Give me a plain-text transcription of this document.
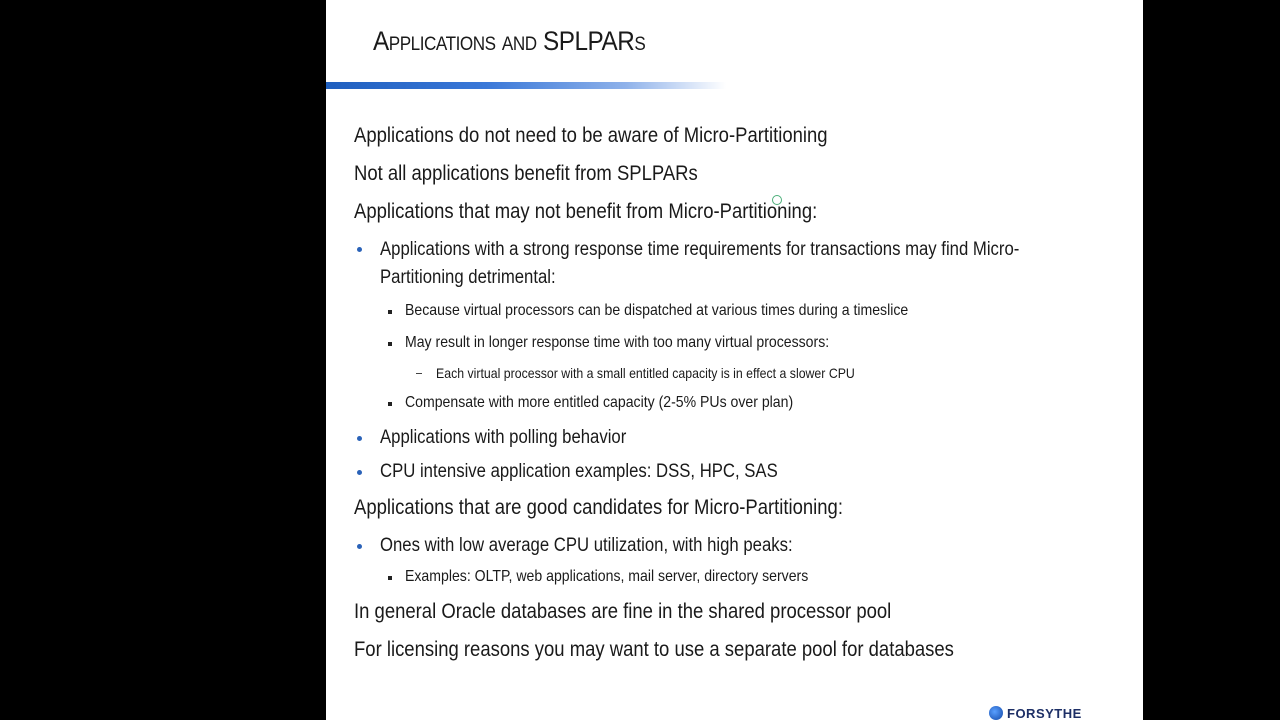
Applications and SPLPARs
Applications do not need to be aware of Micro-Partitioning
Not all applications benefit from SPLPARs
Applications that may not benefit from Micro-Partitioning:
Applications with a strong response time requirements for transactions may find Micro-
Partitioning detrimental:
Because virtual processors can be dispatched at various times during a timeslice
May result in longer response time with too many virtual processors:
Each virtual processor with a small entitled capacity is in effect a slower CPU
Compensate with more entitled capacity (2-5% PUs over plan)
Applications with polling behavior
CPU intensive application examples: DSS, HPC, SAS
Applications that are good candidates for Micro-Partitioning:
Ones with low average CPU utilization, with high peaks:
Examples: OLTP, web applications, mail server, directory servers
In general Oracle databases are fine in the shared processor pool
For licensing reasons you may want to use a separate pool for databases
FORSYTHE
